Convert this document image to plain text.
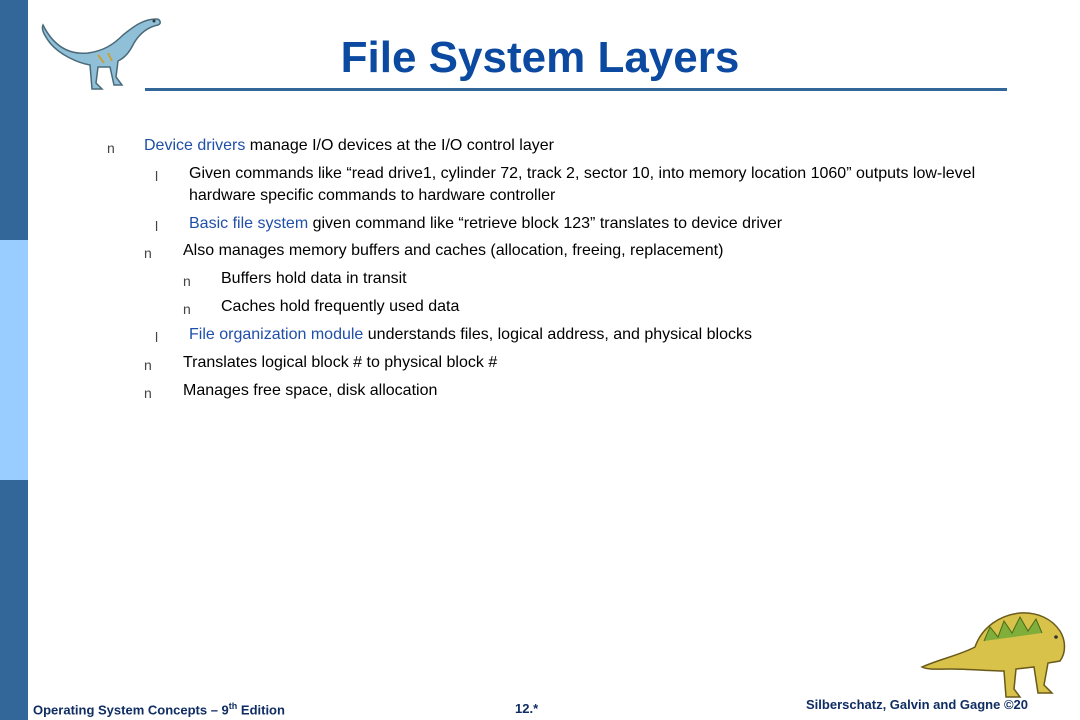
File System Layers
n Device drivers manage I/O devices at the I/O control layer
l Given commands like “read drive1, cylinder 72, track 2, sector 10, into memory location 1060” outputs low-level hardware specific commands to hardware controller
l Basic file system given command like “retrieve block 123” translates to device driver
n Also manages memory buffers and caches (allocation, freeing, replacement)
n Buffers hold data in transit
n Caches hold frequently used data
l File organization module understands files, logical address, and physical blocks
n Translates logical block # to physical block #
n Manages free space, disk allocation
Operating System Concepts – 9th Edition	12.*	Silberschatz, Galvin and Gagne ©20
